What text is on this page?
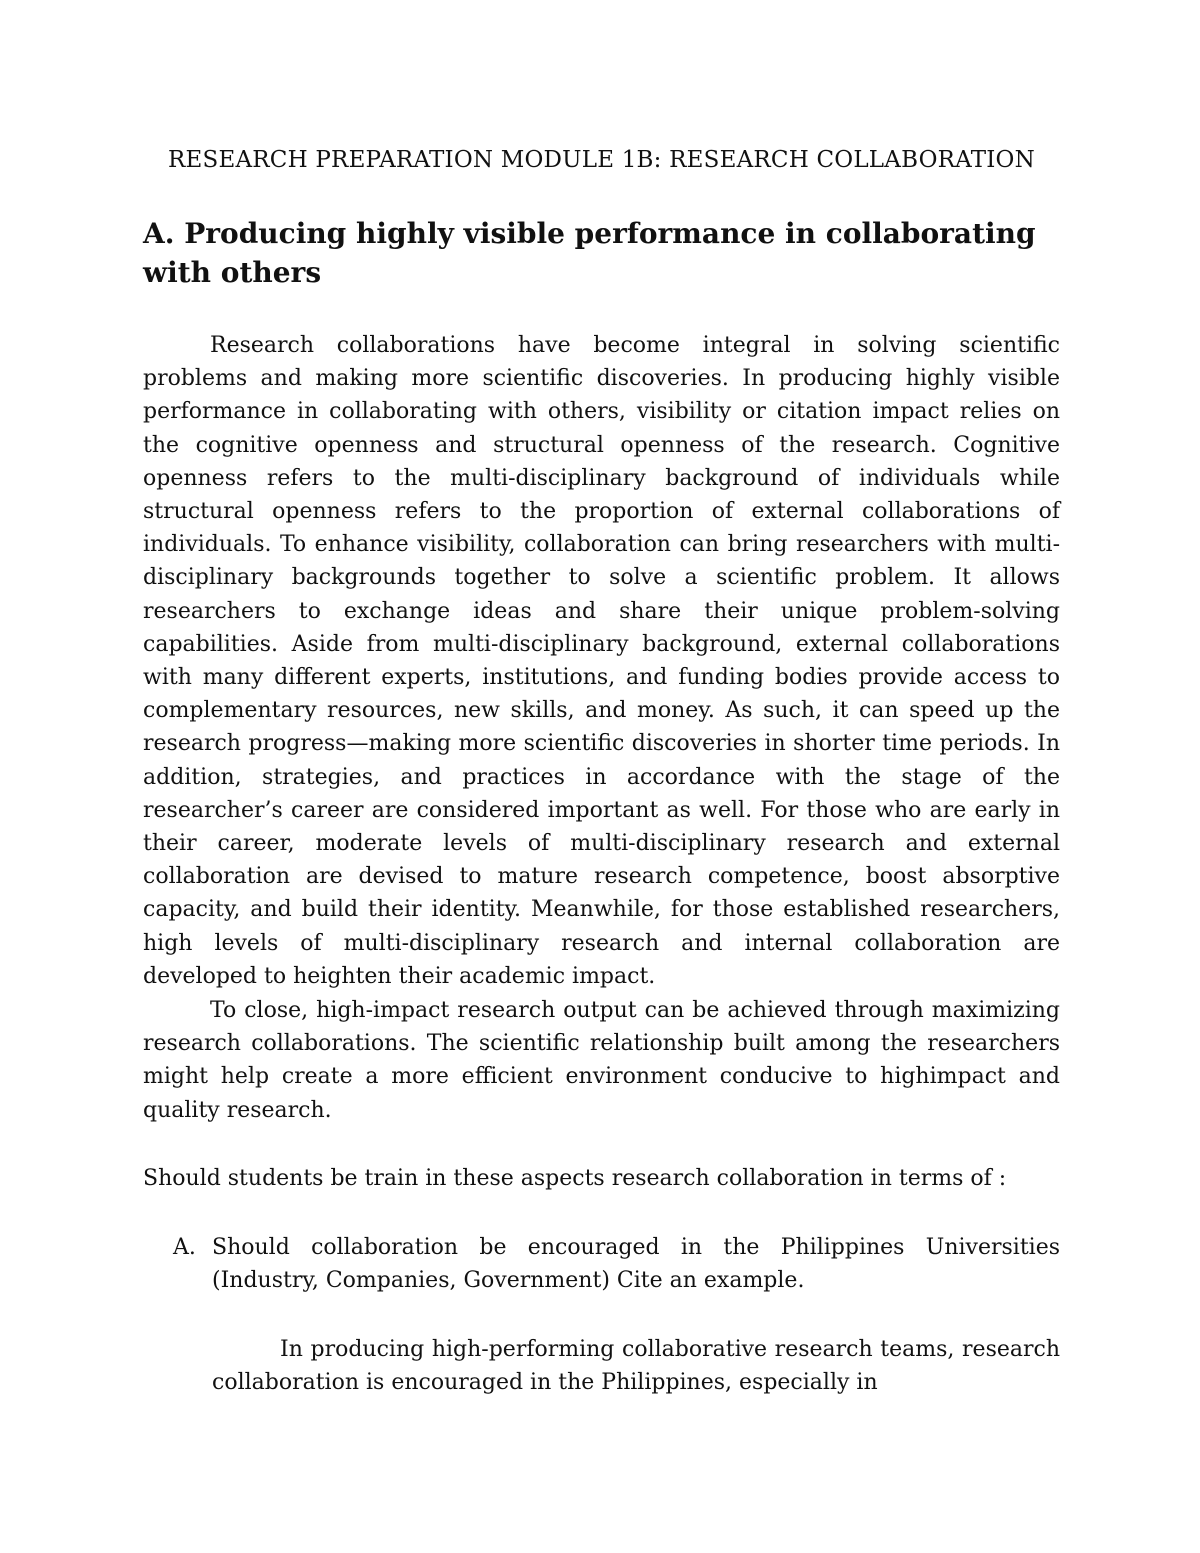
RESEARCH PREPARATION MODULE 1B: RESEARCH COLLABORATION
A. Producing highly visible performance in collaborating with others

Research collaborations have become integral in solving scientific problems and making more scientific discoveries. In producing highly visible performance in collaborating with others, visibility or citation impact relies on the cognitive openness and structural openness of the research. Cognitive openness refers to the multi-disciplinary background of individuals while structural openness refers to the proportion of external collaborations of individuals. To enhance visibility, collaboration can bring researchers with multi-disciplinary backgrounds together to solve a scientific problem. It allows researchers to exchange ideas and share their unique problem-solving capabilities. Aside from multi-disciplinary background, external collaborations with many different experts, institutions, and funding bodies provide access to complementary resources, new skills, and money. As such, it can speed up the research progress—making more scientific discoveries in shorter time periods. In addition, strategies, and practices in accordance with the stage of the researcher’s career are considered important as well. For those who are early in their career, moderate levels of multi-disciplinary research and external collaboration are devised to mature research competence, boost absorptive capacity, and build their identity. Meanwhile, for those established researchers, high levels of multi-disciplinary research and internal collaboration are developed to heighten their academic impact.

To close, high-impact research output can be achieved through maximizing research collaborations. The scientific relationship built among the researchers might help create a more efficient environment conducive to highimpact and quality research.

Should students be train in these aspects research collaboration in terms of :

A. Should collaboration be encouraged in the Philippines Universities (Industry, Companies, Government) Cite an example.

In producing high-performing collaborative research teams, research collaboration is encouraged in the Philippines, especially in
